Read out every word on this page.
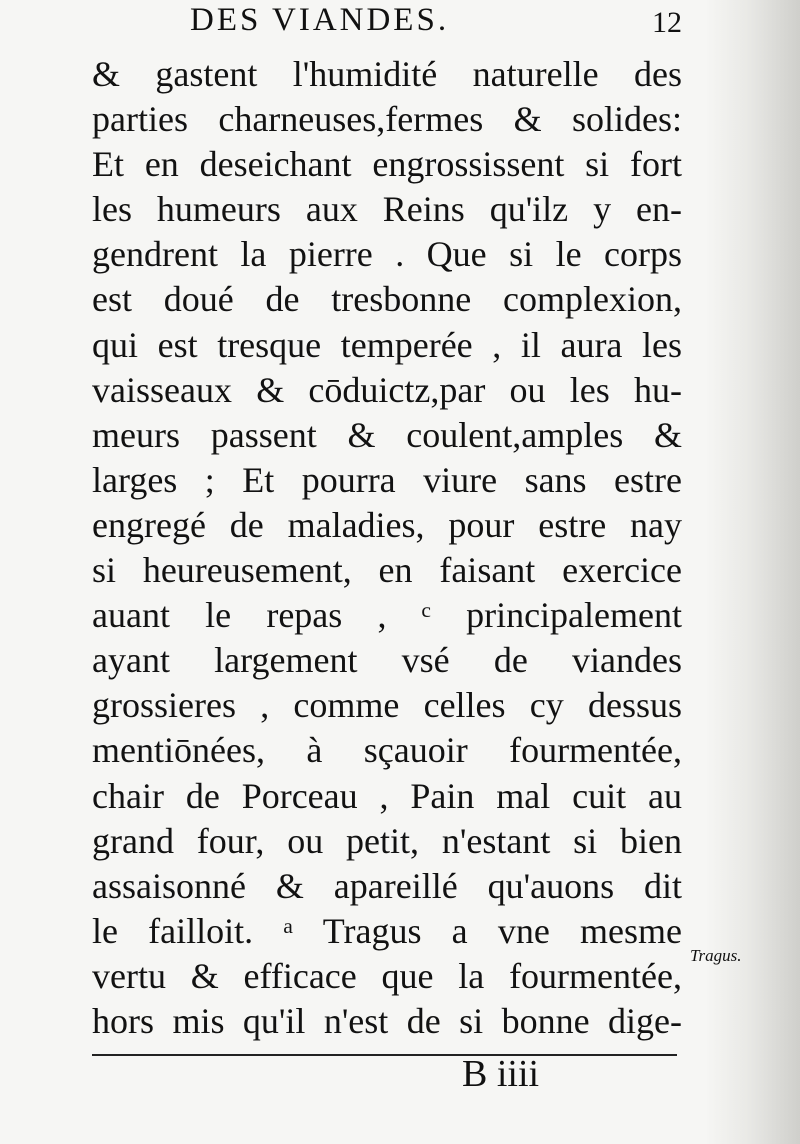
DES VIANDES.	12
& gastent l'humidité naturelle des
parties charneuses,fermes & solides:
Et en deseichant engrossissent si fort
les humeurs aux Reins qu'ilz y en-
gendrent la pierre . Que si le corps
est doué de tresbonne complexion,
qui est tresque temperée , il aura les
vaisseaux & cōduictz,par ou les hu-
meurs passent & coulent,amples &
larges ; Et pourra viure sans estre
engregé de maladies, pour estre nay
si heureusement, en faisant exercice
auant le repas , ᶜ principalement
ayant largement vsé de viandes
grossieres , comme celles cy dessus
mentiōnées, à sçauoir fourmentée,
chair de Porceau , Pain mal cuit au
grand four, ou petit, n'estant si bien
assaisonné & apareillé qu'auons dit
le failloit. ᵃ Tragus a vne mesme
vertu & efficace que la fourmentée,
hors mis qu'il n'est de si bonne dige-
Tragus.
B iiii
